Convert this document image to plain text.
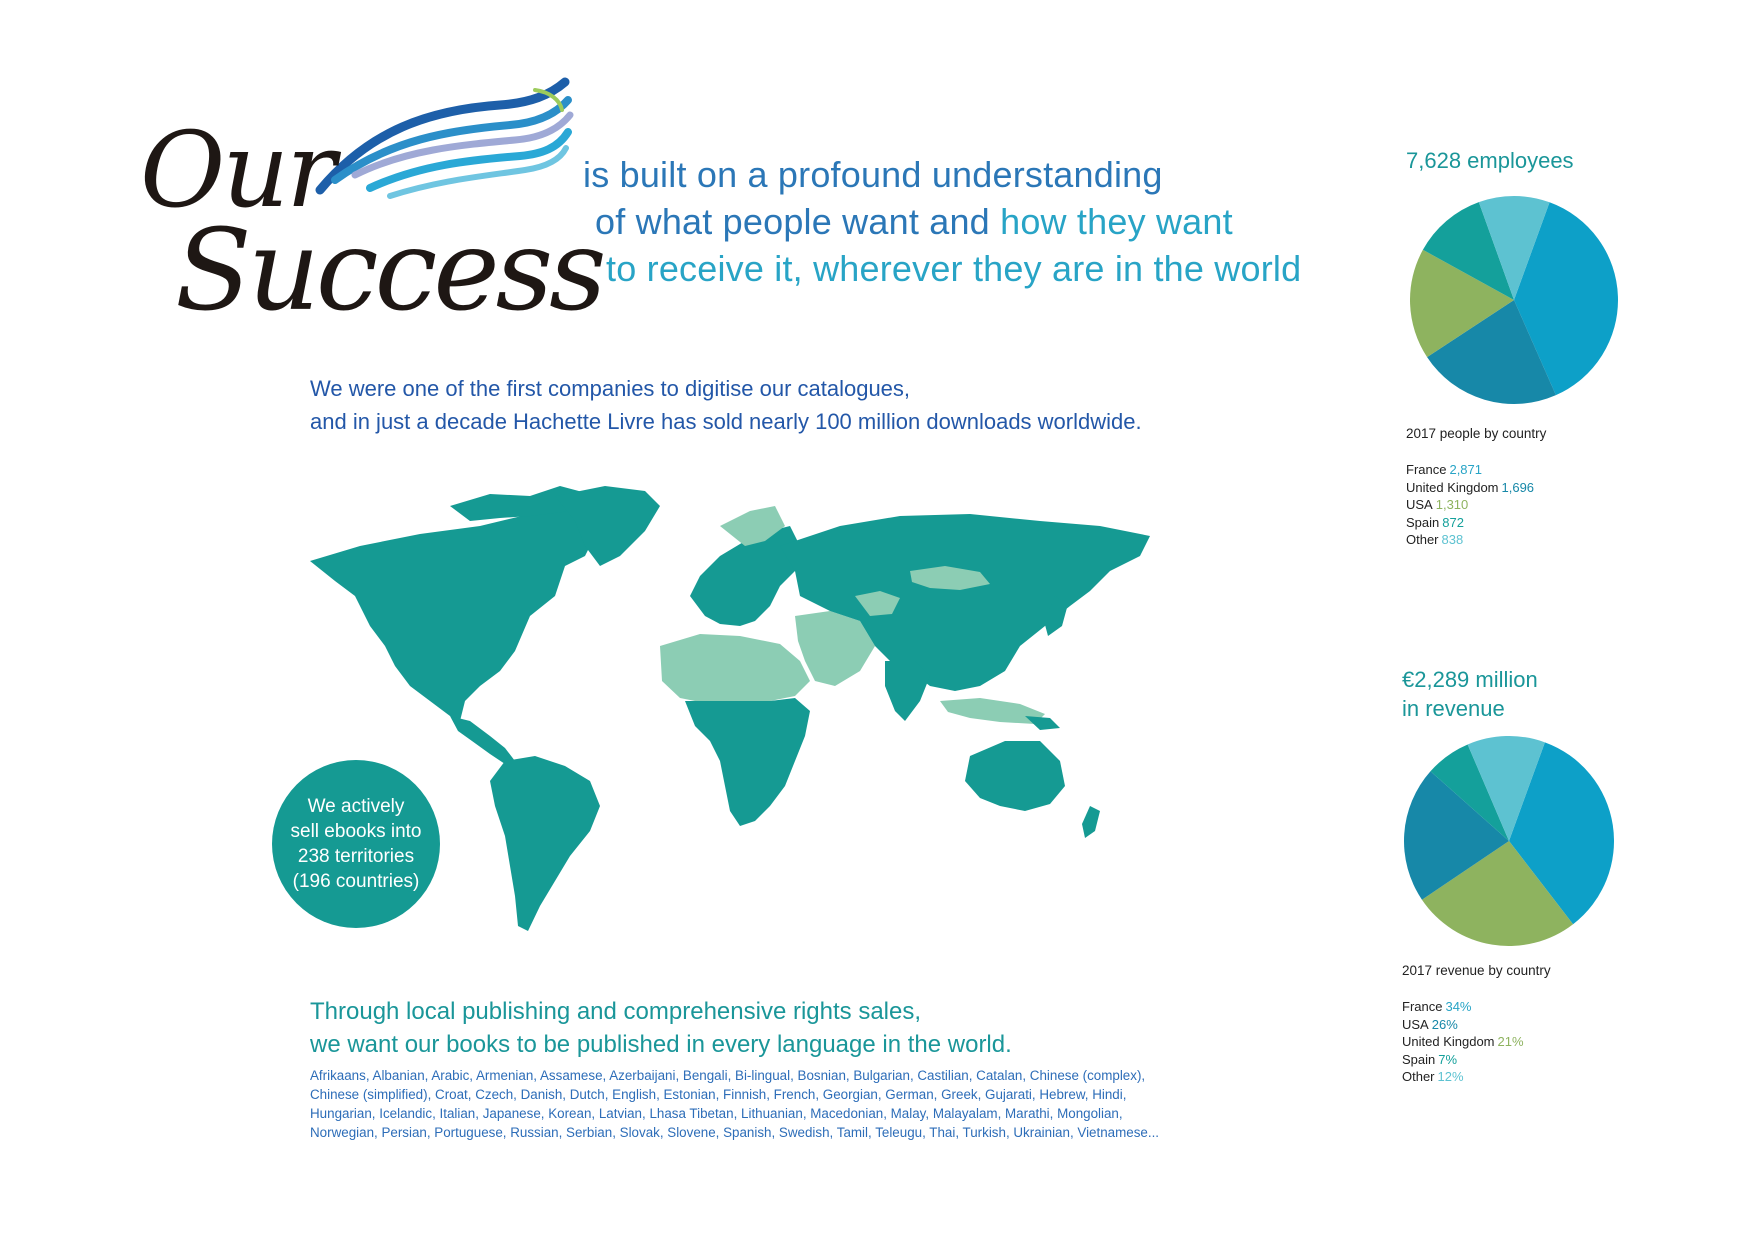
Our
Success
is built on a profound understanding
of what people want and how they want
to receive it, wherever they are in the world
We were one of the first companies to digitise our catalogues,
and in just a decade Hachette Livre has sold nearly 100 million downloads worldwide.
We actively
sell ebooks into
238 territories
(196 countries)
Through local publishing and comprehensive rights sales,
we want our books to be published in every language in the world.
Afrikaans, Albanian, Arabic, Armenian, Assamese, Azerbaijani, Bengali, Bi-lingual, Bosnian, Bulgarian, Castilian, Catalan, Chinese (complex),
Chinese (simplified), Croat, Czech, Danish, Dutch, English, Estonian, Finnish, French, Georgian, German, Greek, Gujarati, Hebrew, Hindi,
Hungarian, Icelandic, Italian, Japanese, Korean, Latvian, Lhasa Tibetan, Lithuanian, Macedonian, Malay, Malayalam, Marathi, Mongolian,
Norwegian, Persian, Portuguese, Russian, Serbian, Slovak, Slovene, Spanish, Swedish, Tamil, Teleugu, Thai, Turkish, Ukrainian, Vietnamese...
7,628 employees
2017 people by country
France 2,871
United Kingdom 1,696
USA 1,310
Spain 872
Other 838
€2,289 million
in revenue
2017 revenue by country
France 34%
USA 26%
United Kingdom 21%
Spain 7%
Other 12%
